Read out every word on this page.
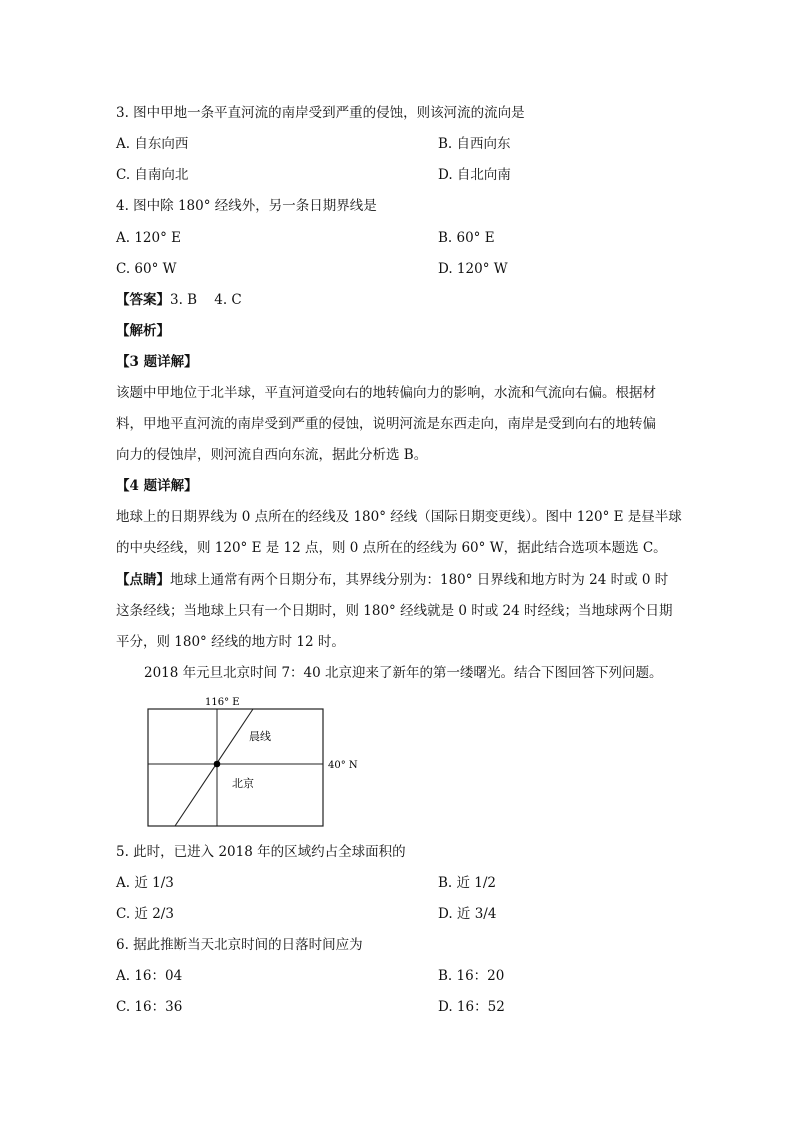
3. 图中甲地一条平直河流的南岸受到严重的侵蚀，则该河流的流向是
A. 自东向西	B. 自西向东
C. 自南向北	D. 自北向南
4. 图中除 180° 经线外，另一条日期界线是
A. 120° E	B. 60° E
C. 60° W	D. 120° W
【答案】3. B    4. C
【解析】
【3 题详解】
该题中甲地位于北半球，平直河道受向右的地转偏向力的影响，水流和气流向右偏。根据材
料，甲地平直河流的南岸受到严重的侵蚀，说明河流是东西走向，南岸是受到向右的地转偏
向力的侵蚀岸，则河流自西向东流，据此分析选 B。
【4 题详解】
地球上的日期界线为 0 点所在的经线及 180° 经线（国际日期变更线）。图中 120° E 是昼半球
的中央经线，则 120° E 是 12 点，则 0 点所在的经线为 60° W，据此结合选项本题选 C。
【点睛】地球上通常有两个日期分布，其界线分别为：180° 日界线和地方时为 24 时或 0 时
这条经线；当地球上只有一个日期时，则 180° 经线就是 0 时或 24 时经线；当地球两个日期
平分，则 180° 经线的地方时 12 时。
2018 年元旦北京时间 7：40 北京迎来了新年的第一缕曙光。结合下图回答下列问题。
116° E
40° N
晨线
北京
5. 此时，已进入 2018 年的区域约占全球面积的
A. 近 1/3	B. 近 1/2
C. 近 2/3	D. 近 3/4
6. 据此推断当天北京时间的日落时间应为
A. 16：04	B. 16：20
C. 16：36	D. 16：52
